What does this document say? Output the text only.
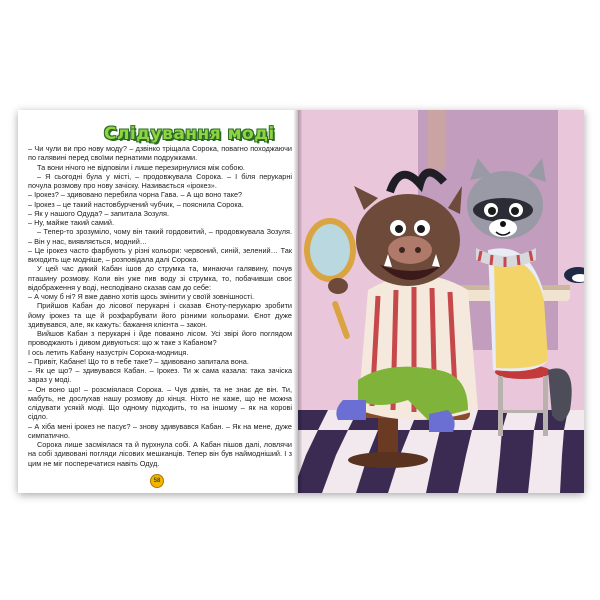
Слідування моді

– Чи чули ви про нову моду? – дзвінко тріщала Сорока, повагно походжаючи по галявині перед своїми пернатими подружками.

Та вони нічого не відповіли і лише перезирнулися між собою.

– Я сьогодні була у місті, – продовжувала Сорока. – І біля перукарні почула розмову про нову зачіску. Називається «ірокез».

– Ірокез? – здивовано перебила чорна Гава. – А що воно таке?

– Ірокез – це такий настовбурчений чубчик, – пояснила Сорока.

– Як у нашого Одуда? – запитала Зозуля.

– Ну, майже такий самий.

– Тепер-то зрозуміло, чому він такий гордовитий, – продовжувала Зозуля. – Він у нас, виявляється, модний…

– Це ірокез часто фарбують у різні кольори: червоний, синій, зелений… Так виходить ще модніше, – розповідала далі Сорока.

У цей час дикий Кабан ішов до струмка та, минаючи галявину, почув пташину розмову. Коли він уже пив воду зі струмка, то, побачивши своє відображення у воді, несподівано сказав сам до себе:

– А чому б ні? Я вже давно хотів щось змінити у своїй зовнішності.

Прийшов Кабан до лісової перукарні і сказав Єноту-перукарю зробити йому ірокез та ще й розфарбувати його різними кольорами. Єнот дуже здивувався, але, як кажуть: бажання клієнта – закон.

Вийшов Кабан з перукарні і йде поважно лісом. Усі звірі його поглядом проводжають і дивом дивуються: що ж таке з Кабаном?

І ось летить Кабану назустріч Сорока-модниця.

– Привіт, Кабане! Що то в тебе таке? – здивовано запитала вона.

– Як це що? – здивувався Кабан. – Ірокез. Ти ж сама казала: така зачіска зараз у моді.

– Он воно що! – розсміялася Сорока. – Чув дзвін, та не знає де він. Ти, мабуть, не дослухав нашу розмову до кінця. Ніхто не каже, що не можна слідувати усякій моді. Що одному підходить, то на іншому – як на корові сідло.

– А хіба мені ірокез не пасує? – знову здивувався Кабан. – Як на мене, дуже симпатично.

Сорока лише засміялася та й пурхнула собі. А Кабан пішов далі, ловлячи на собі здивовані погляди лісових мешканців. Тепер він був наймодніший. І з цим не міг посперечатися навіть Одуд.

58
